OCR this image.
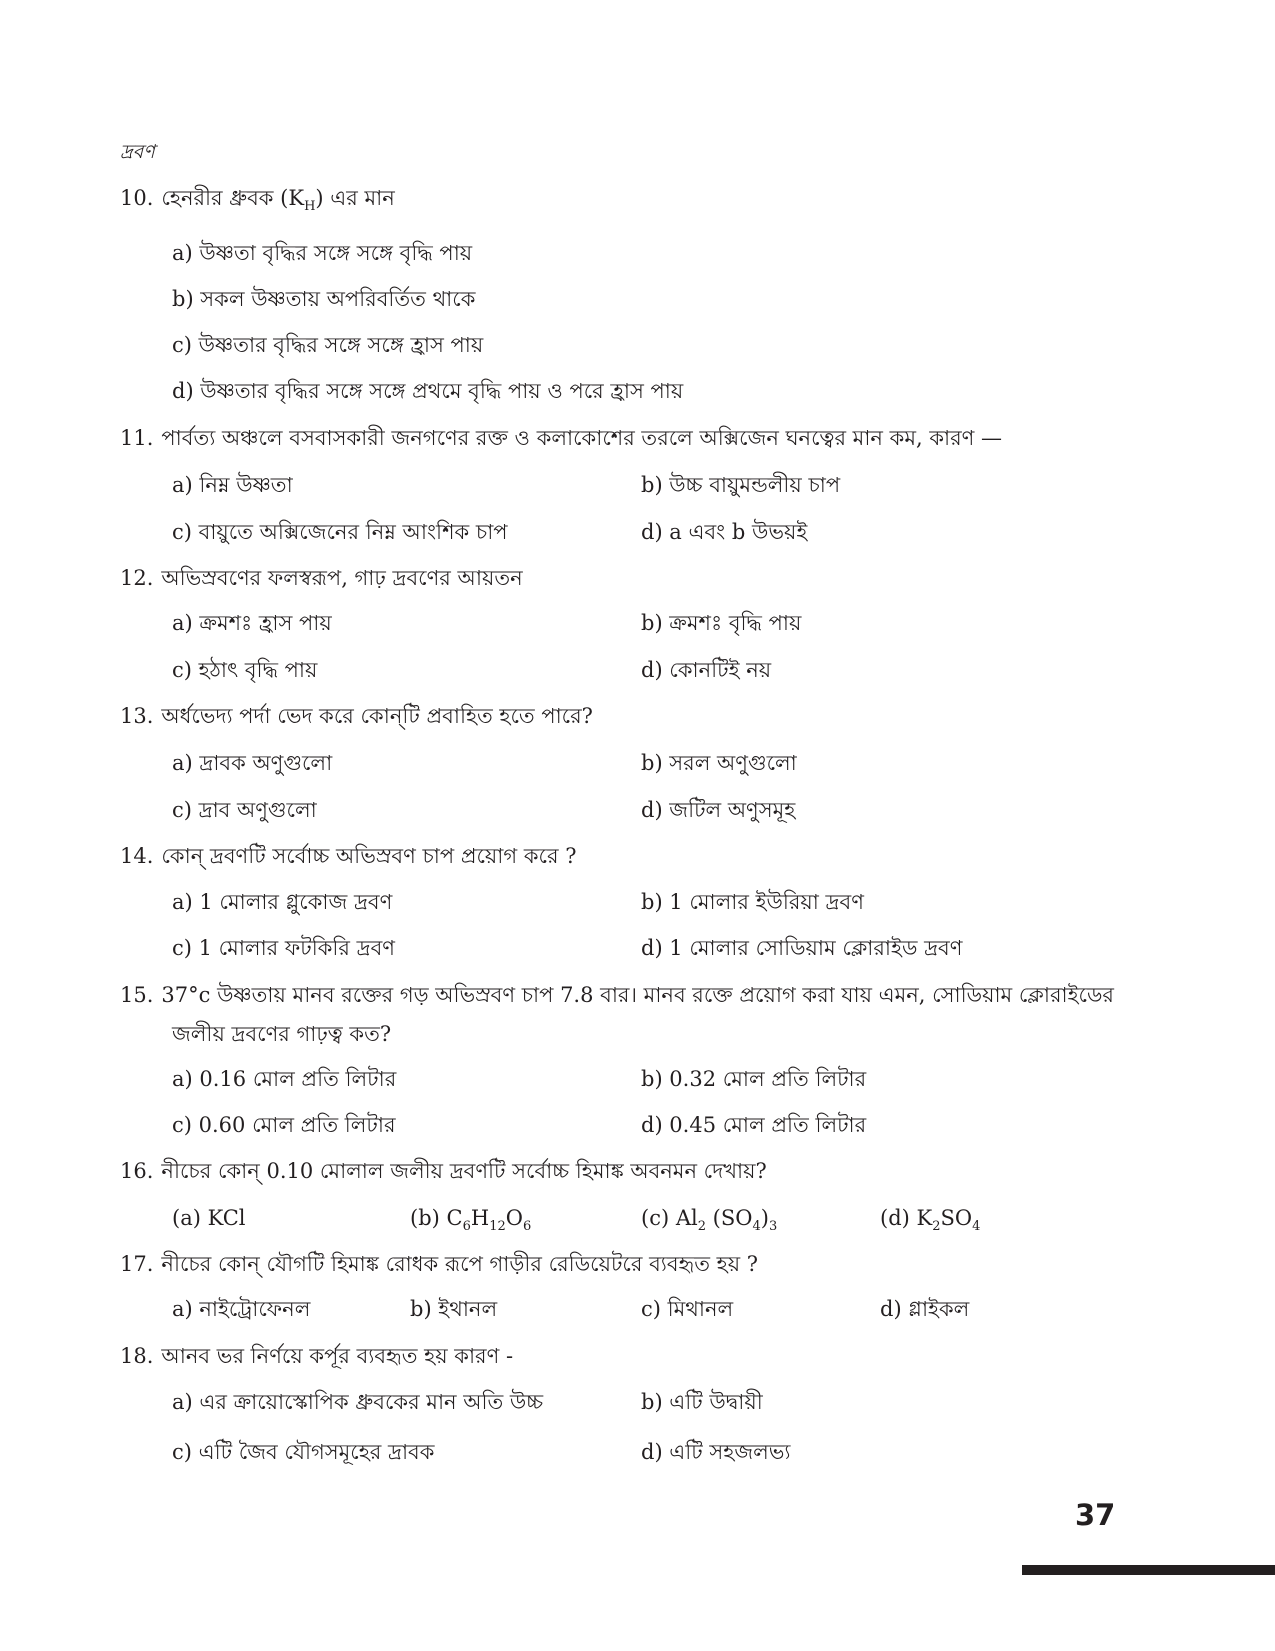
দ্রবণ
10. হেনরীর ধ্রুবক $(K_H)$ এর মান
a) উষ্ণতা বৃদ্ধির সঙ্গে সঙ্গে বৃদ্ধি পায়
b) সকল উষ্ণতায় অপরিবর্তিত থাকে
c) উষ্ণতার বৃদ্ধির সঙ্গে সঙ্গে হ্রাস পায়
d) উষ্ণতার বৃদ্ধির সঙ্গে সঙ্গে প্রথমে বৃদ্ধি পায় ও পরে হ্রাস পায়
11. পার্বত্য অঞ্চলে বসবাসকারী জনগণের রক্ত ও কলাকোশের তরলে অক্সিজেন ঘনত্বের মান কম, কারণ —
a) নিম্ন উষ্ণতা	b) উচ্চ বায়ুমন্ডলীয় চাপ
c) বায়ুতে অক্সিজেনের নিম্ন আংশিক চাপ	d) a এবং b উভয়ই
12. অভিস্রবণের ফলস্বরূপ, গাঢ় দ্রবণের আয়তন
a) ক্রমশঃ হ্রাস পায়	b) ক্রমশঃ বৃদ্ধি পায়
c) হঠাৎ বৃদ্ধি পায়	d) কোনটিই নয়
13. অর্ধভেদ্য পর্দা ভেদ করে কোন্‌টি প্রবাহিত হতে পারে?
a) দ্রাবক অণুগুলো	b) সরল অণুগুলো
c) দ্রাব অণুগুলো	d) জটিল অণুসমূহ
14. কোন্ দ্রবণটি সর্বোচ্চ অভিস্রবণ চাপ প্রয়োগ করে ?
a) 1 মোলার গ্লুকোজ দ্রবণ	b) 1 মোলার ইউরিয়া দ্রবণ
c) 1 মোলার ফটকিরি দ্রবণ	d) 1 মোলার সোডিয়াম ক্লোরাইড দ্রবণ
15. 37°c উষ্ণতায় মানব রক্তের গড় অভিস্রবণ চাপ 7.8 বার। মানব রক্তে প্রয়োগ করা যায় এমন, সোডিয়াম ক্লোরাইডের
জলীয় দ্রবণের গাঢ়ত্ব কত?
a) 0.16 মোল প্রতি লিটার	b) 0.32 মোল প্রতি লিটার
c) 0.60 মোল প্রতি লিটার	d) 0.45 মোল প্রতি লিটার
16. নীচের কোন্ 0.10 মোলাল জলীয় দ্রবণটি সর্বোচ্চ হিমাঙ্ক অবনমন দেখায়?
(a) KCl	(b) $C_6H_{12}O_6$	(c) $Al_2$ $(SO_4)_3$	(d) $K_2SO_4$
17. নীচের কোন্ যৌগটি হিমাঙ্ক রোধক রূপে গাড়ীর রেডিয়েটরে ব্যবহৃত হয় ?
a) নাইট্রোফেনল	b) ইথানল	c) মিথানল	d) গ্লাইকল
18. আনব ভর নির্ণয়ে কর্পূর ব্যবহৃত হয় কারণ -
a) এর ক্রায়োস্কোপিক ধ্রুবকের মান অতি উচ্চ	b) এটি উদ্বায়ী
c) এটি জৈব যৌগসমূহের দ্রাবক	d) এটি সহজলভ্য
37
